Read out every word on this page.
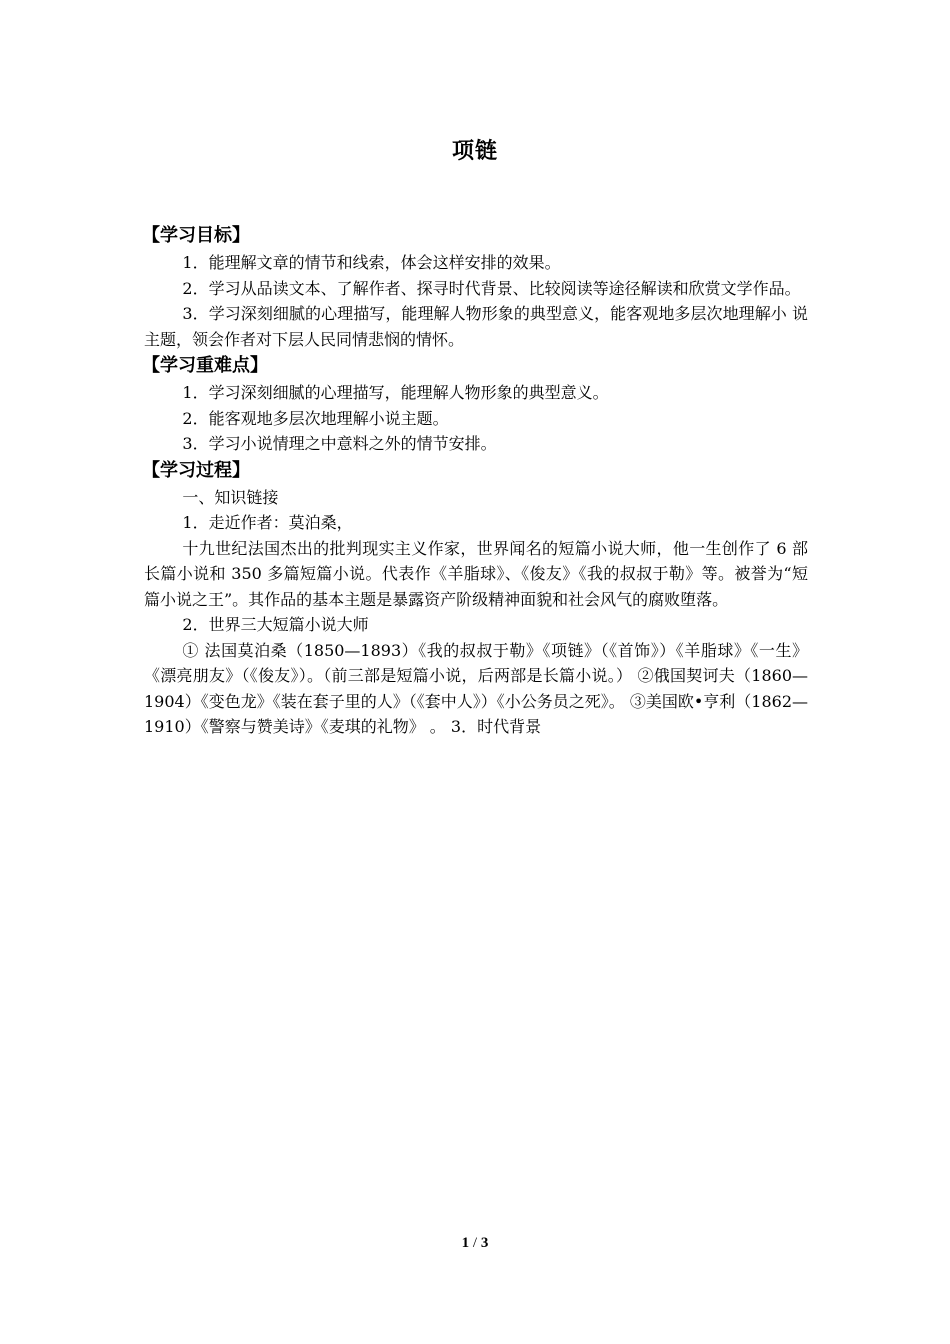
项链
【学习目标】

1．能理解文章的情节和线索，体会这样安排的效果。

2．学习从品读文本、了解作者、探寻时代背景、比较阅读等途径解读和欣赏文学作品。

3．学习深刻细腻的心理描写，能理解人物形象的典型意义，能客观地多层次地理解小 说主题，领会作者对下层人民同情悲悯的情怀。

【学习重难点】

1．学习深刻细腻的心理描写，能理解人物形象的典型意义。

2．能客观地多层次地理解小说主题。

3．学习小说情理之中意料之外的情节安排。

【学习过程】

一、知识链接

1．走近作者：莫泊桑，

十九世纪法国杰出的批判现实主义作家，世界闻名的短篇小说大师，他一生创作了 6 部长篇小说和 350 多篇短篇小说。代表作《羊脂球》、《俊友》《我的叔叔于勒》等。被誉为“短篇小说之王”。其作品的基本主题是暴露资产阶级精神面貌和社会风气的腐败堕落。

2．世界三大短篇小说大师

① 法国莫泊桑（1850—1893）《我的叔叔于勒》《项链》（《首饰》）《羊脂球》《一生》《漂亮朋友》（《俊友》）。（前三部是短篇小说，后两部是长篇小说。） ②俄国契诃夫（1860—1904）《变色龙》《装在套子里的人》（《套中人》）《小公务员之死》。 ③美国欧•亨利（1862—1910）《警察与赞美诗》《麦琪的礼物》 。 3．时代背景

1 / 3
